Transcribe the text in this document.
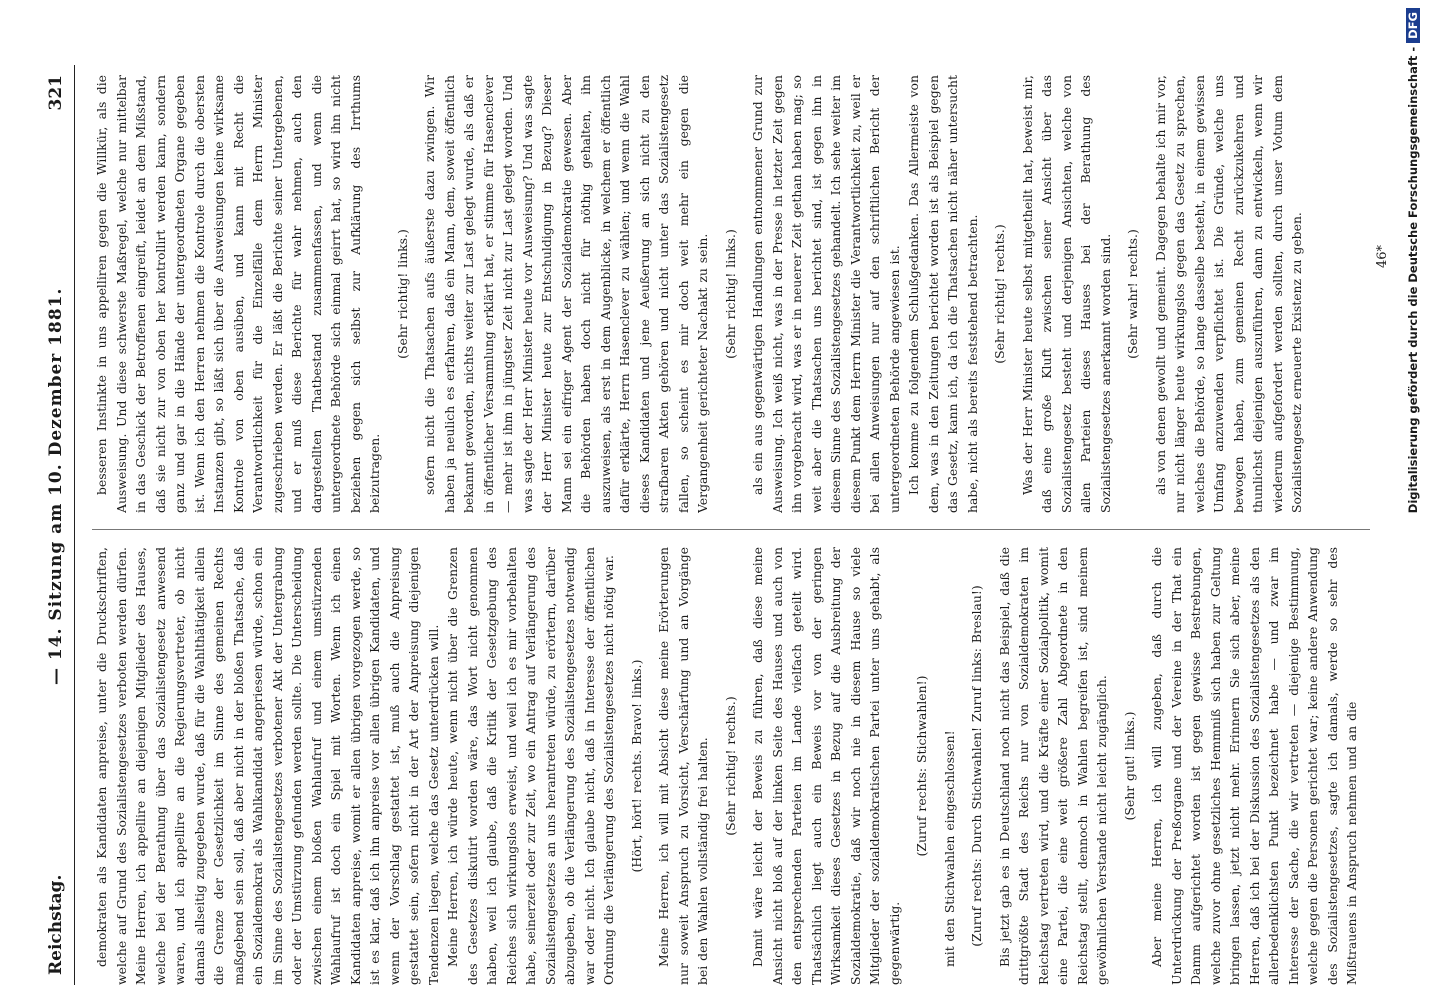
Reichstag.
— 14. Sitzung am 10. Dezember 1881.
321

demokraten als Kandidaten anpreise, unter die Druckschriften, welche auf Grund des Sozialistengesetzes verboten werden dürfen. Meine Herren, ich appellire an diejenigen Mitglieder des Hauses, welche bei der Berathung über das Sozialistengesetz anwesend waren, und ich appellire an die Regierungsvertreter, ob nicht damals allseitig zugegeben wurde, daß für die Wahlthätigkeit allein die Grenze der Gesetzlichkeit im Sinne des gemeinen Rechts maßgebend sein soll, daß aber nicht in der bloßen Thatsache, daß ein Sozialdemokrat als Wahlkandidat angepriesen würde, schon ein im Sinne des Sozialistengesetzes verbotener Akt der Untergrabung oder der Umstürzung gefunden werden sollte. Die Unterscheidung zwischen einem bloßen Wahlaufruf und einem umstürzenden Wahlaufruf ist doch ein Spiel mit Worten. Wenn ich einen Kandidaten anpreise, womit er allen übrigen vorgezogen werde, so ist es klar, daß ich ihn anpreise vor allen übrigen Kandidaten, und wenn der Vorschlag gestattet ist, muß auch die Anpreisung gestattet sein, sofern nicht in der Art der Anpreisung diejenigen Tendenzen liegen, welche das Gesetz unterdrücken will. Meine Herren, ich würde heute, wenn nicht über die Grenzen des Gesetzes diskutirt worden wäre, das Wort nicht genommen haben, weil ich glaube, daß die Kritik der Gesetzgebung des Reiches sich wirkungslos erweist, und weil ich es mir vorbehalten habe, seinerzeit oder zur Zeit, wo ein Antrag auf Verlängerung des Sozialistengesetzes an uns herantreten würde, zu erörtern, darüber abzugeben, ob die Verlängerung des Sozialistengesetzes notwendig war oder nicht. Ich glaube nicht, daß in Interesse der öffentlichen Ordnung die Verlängerung des Sozialistengesetzes nicht nötig war. (Hört, hört! rechts. Bravo! links.) Meine Herren, ich will mit Absicht diese meine Erörterungen nur soweit Anspruch zu Vorsicht, Verschärfung und an Vorgänge bei den Wahlen vollständig frei halten. (Sehr richtig! rechts.) Damit wäre leicht der Beweis zu führen, daß diese meine Ansicht nicht bloß auf der linken Seite des Hauses und auch von den entsprechenden Parteien im Lande vielfach geteilt wird. Thatsächlich liegt auch ein Beweis vor von der geringen Wirksamkeit dieses Gesetzes in Bezug auf die Ausbreitung der Sozialdemokratie, daß wir noch nie in diesem Hause so viele Mitglieder der sozialdemokratischen Partei unter uns gehabt, als gegenwärtig.

(Zuruf rechts: Stichwahlen!) mit den Stichwahlen eingeschlossen! (Zuruf rechts: Durch Stichwahlen! Zuruf links: Breslau!) Bis jetzt gab es in Deutschland noch nicht das Beispiel, daß die drittgrößte Stadt des Reichs nur von Sozialdemokraten im Reichstag vertreten wird, und die Kräfte einer Sozialpolitik, womit eine Partei, die eine weit größere Zahl Abgeordnete in den Reichstag stellt, dennoch in Wahlen begreifen ist, sind meinem gewöhnlichen Verstande nicht leicht zugänglich. (Sehr gut! links.) Aber meine Herren, ich will zugeben, daß durch die Unterdrückung der Preßorgane und der Vereine in der That ein Damm aufgerichtet worden ist gegen gewisse Bestrebungen, welche zuvor ohne gesetzliches Hemmniß sich haben zur Geltung bringen lassen, jetzt nicht mehr. Erinnern Sie sich aber, meine Herren, daß ich bei der Diskussion des Sozialistengesetzes als den allerbedenklichsten Punkt bezeichnet habe — und zwar im Interesse der Sache, die wir vertreten — diejenige Bestimmung, welche gegen die Personen gerichtet war; keine andere Anwendung des Sozialistengesetzes, sagte ich damals, werde so sehr des Mißtrauens in Anspruch nehmen und an die

besseren Instinkte in uns appelliren gegen die Willkür, als die Ausweisung. Und diese schwerste Maßregel, welche nur mittelbar in das Geschick der Betroffenen eingreift, leidet an dem Mißstand, daß sie nicht zur von oben her kontrollirt werden kann, sondern ganz und gar in die Hände der untergeordneten Organe gegeben ist. Wenn ich den Herren nehmen die Kontrole durch die obersten Instanzen gibt, so läßt sich über die Ausweisungen keine wirksame Kontrole von oben ausüben, und kann mit Recht die Verantwortlichkeit für die Einzelfälle dem Herrn Minister zugeschrieben werden. Er läßt die Berichte seiner Untergebenen, und er muß diese Berichte für wahr nehmen, auch den dargestellten Thatbestand zusammenfassen, und wenn die untergeordnete Behörde sich einmal geirrt hat, so wird ihn nicht beziehen gegen sich selbst zur Aufklärung des Irrthums beizutragen.

(Sehr richtig! links.) sofern nicht die Thatsachen aufs äußerste dazu zwingen. Wir haben ja neulich es erfahren, daß ein Mann, dem, soweit öffentlich bekannt geworden, nichts weiter zur Last gelegt wurde, als daß er in öffentlicher Versammlung erklärt hat, er stimme für Hasenclever — mehr ist ihm in jüngster Zeit nicht zur Last gelegt worden. Und was sagte der Herr Minister heute vor Ausweisung? Und was sagte der Herr Minister heute zur Entschuldigung in Bezug? Dieser Mann sei ein eifriger Agent der Sozialdemokratie gewesen. Aber die Behörden haben doch nicht für nöthig gehalten, ihn auszuweisen, als erst in dem Augenblicke, in welchem er öffentlich dafür erklärte, Herrn Hasenclever zu wählen; und wenn die Wahl dieses Kandidaten und jene Aeußerung an sich nicht zu den strafbaren Akten gehören und nicht unter das Sozialistengesetz fallen, so scheint es mir doch weit mehr ein gegen die Vergangenheit gerichteter Nachakt zu sein. (Sehr richtig! links.) als ein aus gegenwärtigen Handlungen entnommener Grund zur Ausweisung. Ich weiß nicht, was in der Presse in letzter Zeit gegen ihn vorgebracht wird, was er in neuerer Zeit gethan haben mag; so weit aber die Thatsachen uns berichtet sind, ist gegen ihn in diesem Sinne des Sozialistengesetzes gehandelt. Ich sehe weiter im diesem Punkt dem Herrn Minister die Verantwortlichkeit zu, weil er bei allen Anweisungen nur auf den schriftlichen Bericht der untergeordneten Behörde angewiesen ist. Ich komme zu folgendem Schlußgedanken. Das Allermeiste von dem, was in den Zeitungen berichtet worden ist als Beispiel gegen das Gesetz, kann ich, da ich die Thatsachen nicht näher untersucht habe, nicht als bereits feststehend betrachten. (Sehr richtig! rechts.) Was der Herr Minister heute selbst mitgetheilt hat, beweist mir, daß eine große Kluft zwischen seiner Ansicht über das Sozialistengesetz besteht und derjenigen Ansichten, welche von allen Parteien dieses Hauses bei der Berathung des Sozialistengesetzes anerkannt worden sind. (Sehr wahr! rechts.) als von denen gewollt und gemeint. Dagegen behalte ich mir vor, nur nicht länger heute wirkungslos gegen das Gesetz zu sprechen, welches die Behörde, so lange dasselbe besteht, in einem gewissen Umfang anzuwenden verpflichtet ist. Die Gründe, welche uns bewogen haben, zum gemeinen Recht zurückzukehren und thunlichst diejenigen auszuführen, dann zu entwickeln, wenn wir wiederum aufgefordert werden sollten, durch unser Votum dem Sozialistengesetz erneuerte Existenz zu geben.	46* Digitalisierung gefördert durch die Deutsche Forschungsgemeinschaft -DFG
